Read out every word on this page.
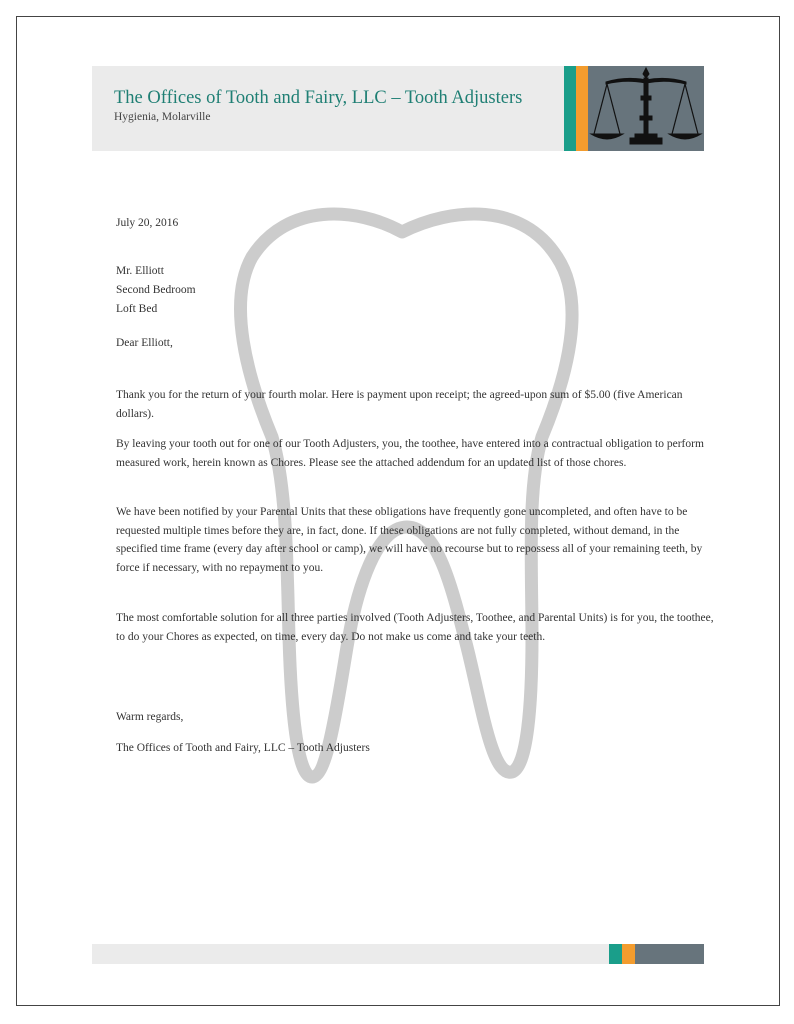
The Offices of Tooth and Fairy, LLC – Tooth Adjusters
Hygienia, Molarville
July 20, 2016
Mr. Elliott
Second Bedroom
Loft Bed
Dear Elliott,

Thank you for the return of your fourth molar. Here is payment upon receipt; the agreed-upon sum of $5.00 (five American dollars).

By leaving your tooth out for one of our Tooth Adjusters, you, the toothee, have entered into a contractual obligation to perform measured work, herein known as Chores. Please see the attached addendum for an updated list of those chores.

We have been notified by your Parental Units that these obligations have frequently gone uncompleted, and often have to be requested multiple times before they are, in fact, done. If these obligations are not fully completed, without demand, in the specified time frame (every day after school or camp), we will have no recourse but to repossess all of your remaining teeth, by force if necessary, with no repayment to you.

The most comfortable solution for all three parties involved (Tooth Adjusters, Toothee, and Parental Units) is for you, the toothee, to do your Chores as expected, on time, every day. Do not make us come and take your teeth.

Warm regards,
The Offices of Tooth and Fairy, LLC – Tooth Adjusters
